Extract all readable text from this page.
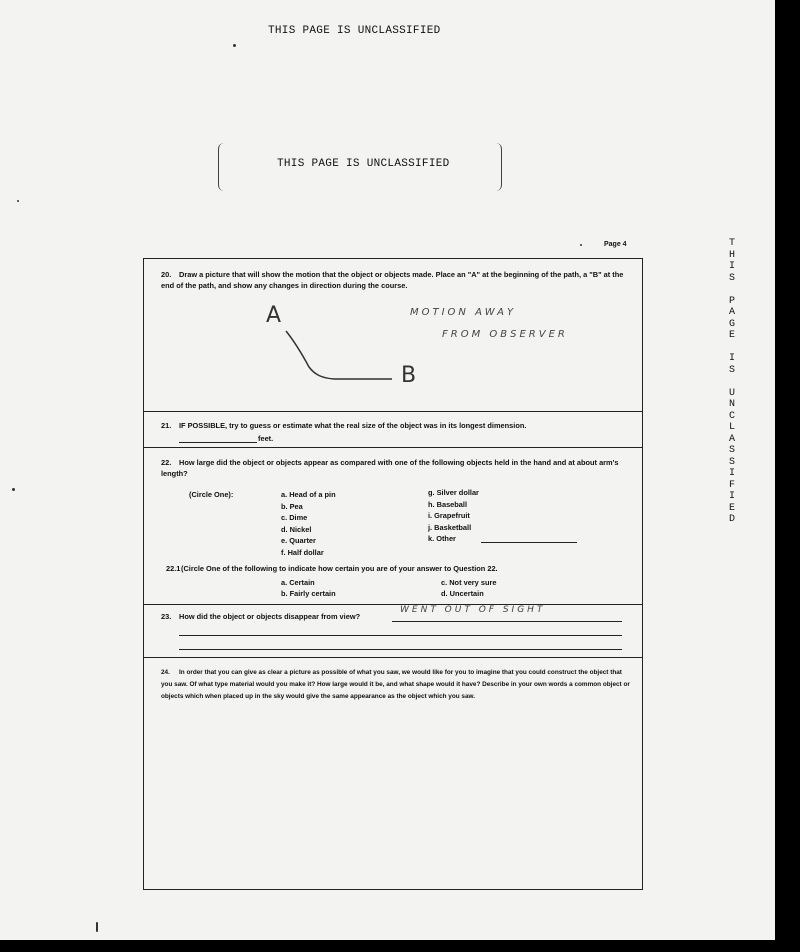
THIS PAGE IS UNCLASSIFIED
THIS PAGE IS UNCLASSIFIED
Page 4	T
H
I
S
P
A
G
E
I
S
U
N
C
L
A
S
S
I
F
I
E
D
20. Draw a picture that will show the motion that the object or objects made. Place an "A" at the beginning of the path, a "B" at the end of the path, and show any changes in direction during the course.
A
B
MOTION AWAY
FROM OBSERVER
21. IF POSSIBLE, try to guess or estimate what the real size of the object was in its longest dimension.
feet.
22. How large did the object or objects appear as compared with one of the following objects held in the hand and at about arm's length?
(Circle One):	a. Head of a pin
b. Pea
c. Dime
d. Nickel
e. Quarter
f. Half dollar
g. Silver dollar
h. Baseball
i. Grapefruit
j. Basketball
k. Other
22.1(Circle One of the following to indicate how certain you are of your answer to Question 22.
a. Certain
b. Fairly certain
c. Not very sure
d. Uncertain
23. How did the object or objects disappear from view?
WENT OUT OF SIGHT
24. In order that you can give as clear a picture as possible of what you saw, we would like for you to imagine that you could construct the object that you saw. Of what type material would you make it? How large would it be, and what shape would it have? Describe in your own words a common object or objects which when placed up in the sky would give the same appearance as the object which you saw.
